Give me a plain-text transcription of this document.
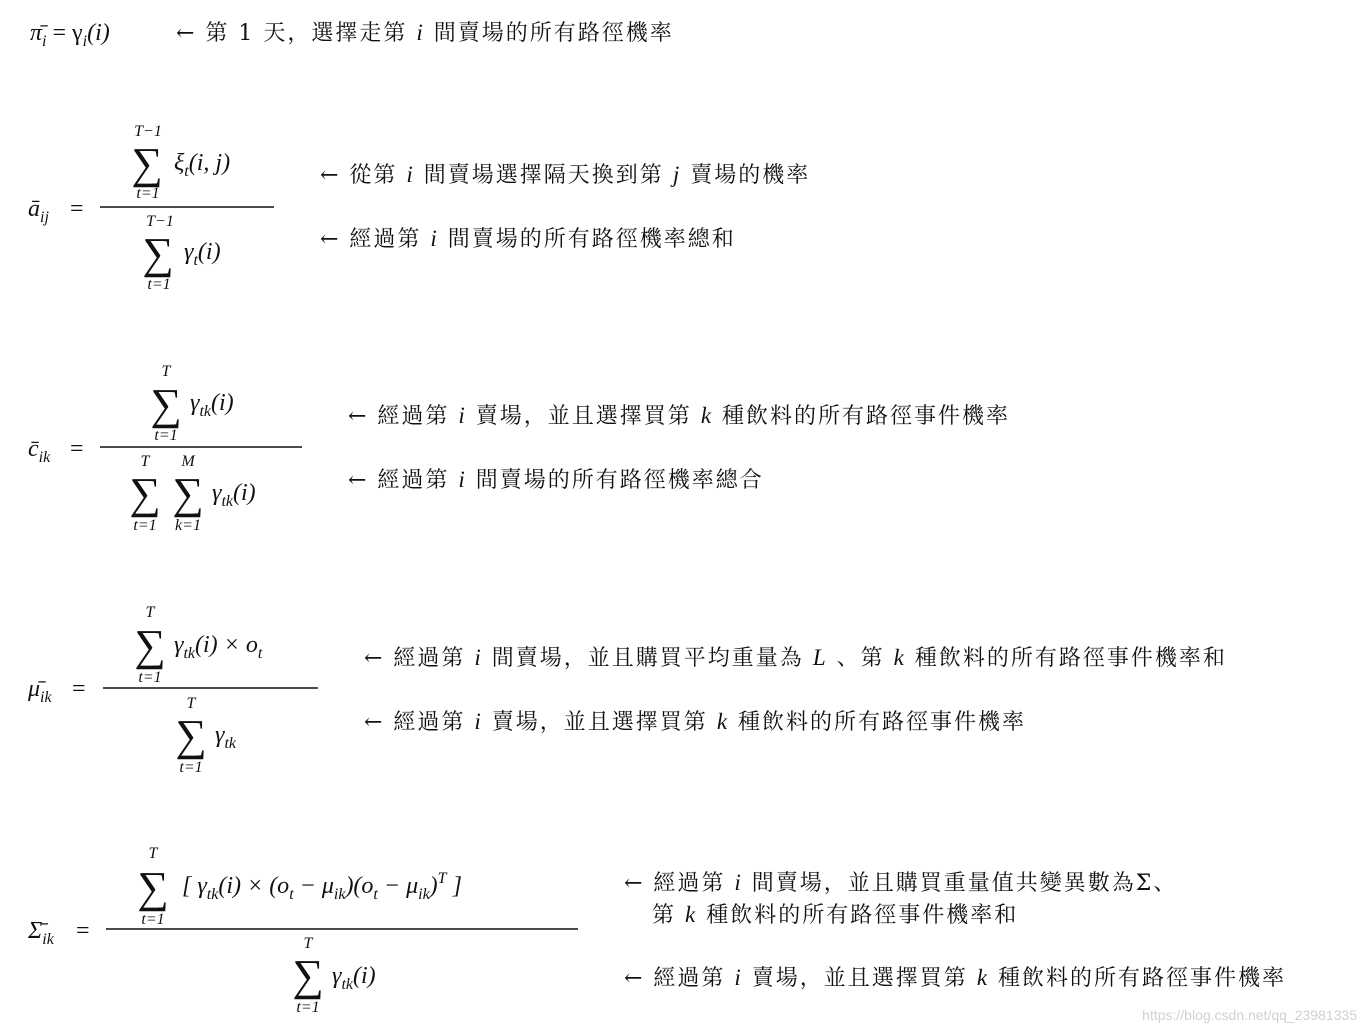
$\pī_i = \gamma_i(i)$
$ā_{ij}$ =
T−1
∑
t=1
$\xi_t(i$, j)
T−1
∑
t=1
$\gamma_t(i)$
$c̄_{ik}$ =
T
∑
t=1
$\gamma_{tk}(i)$
T
∑
t=1
M
∑
k=1
$\gamma_{tk}(i)$
$\mū_{ik}$ =
T
∑
t=1
$\gamma_{tk}(i) \times o_t$
T
∑
t=1
$\gamma_{tk}$
$\Sigmā_{ik}$ =
T
∑
t=1
[ $\gamma_{tk}(i) \times (o_t - \mu_{ik})(o_t - \mu_{ik})^T$ ]
T
∑
t=1
$\gamma_{tk}(i)$
← 第 1 天，選擇走第 i 間賣場的所有路徑機率
← 從第 i 間賣場選擇隔天換到第 j 賣場的機率
← 經過第 i 間賣場的所有路徑機率總和
← 經過第 i 賣場，並且選擇買第 k 種飲料的所有路徑事件機率
← 經過第 i 間賣場的所有路徑機率總合
← 經過第 i 間賣場，並且購買平均重量為 L 、第 k 種飲料的所有路徑事件機率和
← 經過第 i 賣場，並且選擇買第 k 種飲料的所有路徑事件機率
← 經過第 i 間賣場，並且購買重量值共變異數為Σ、
第 k 種飲料的所有路徑事件機率和
← 經過第 i 賣場，並且選擇買第 k 種飲料的所有路徑事件機率
https://blog.csdn.net/qq_23981335
